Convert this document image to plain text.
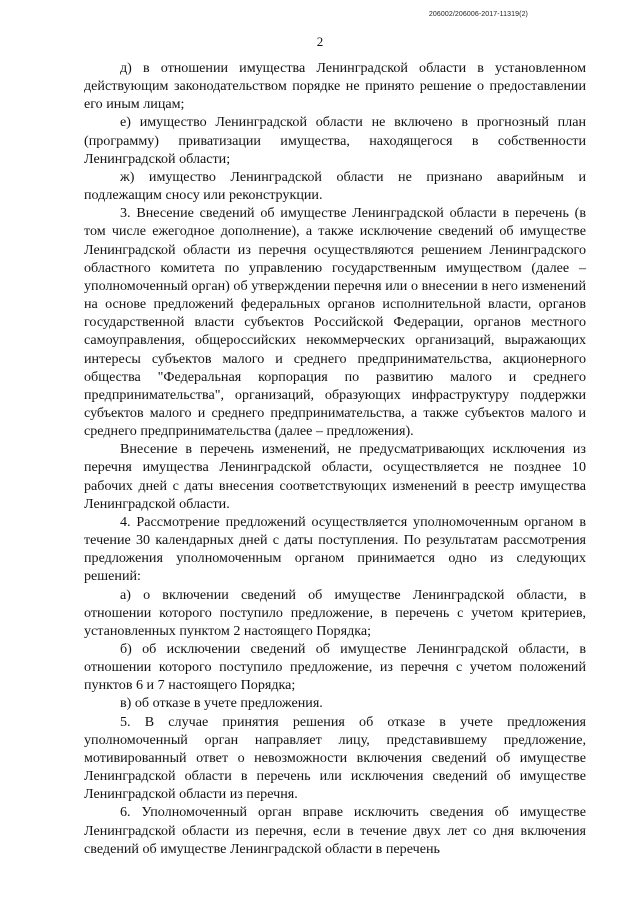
206002/206006-2017-11319(2)
2

д) в отношении имущества Ленинградской области в установленном действующим законодательством порядке не принято решение о предоставлении его иным лицам;

е) имущество Ленинградской области не включено в прогнозный план (программу) приватизации имущества, находящегося в собственности Ленинградской области;

ж) имущество Ленинградской области не признано аварийным и подлежащим сносу или реконструкции.

3. Внесение сведений об имуществе Ленинградской области в перечень (в том числе ежегодное дополнение), а также исключение сведений об имуществе Ленинградской области из перечня осуществляются решением Ленинградского областного комитета по управлению государственным имуществом (далее – уполномоченный орган) об утверждении перечня или о внесении в него изменений на основе предложений федеральных органов исполнительной власти, органов государственной власти субъектов Российской Федерации, органов местного самоуправления, общероссийских некоммерческих организаций, выражающих интересы субъектов малого и среднего предпринимательства, акционерного общества "Федеральная корпорация по развитию малого и среднего предпринимательства", организаций, образующих инфраструктуру поддержки субъектов малого и среднего предпринимательства, а также субъектов малого и среднего предпринимательства (далее – предложения).

Внесение в перечень изменений, не предусматривающих исключения из перечня имущества Ленинградской области, осуществляется не позднее 10 рабочих дней с даты внесения соответствующих изменений в реестр имущества Ленинградской области.

4. Рассмотрение предложений осуществляется уполномоченным органом в течение 30 календарных дней с даты поступления. По результатам рассмотрения предложения уполномоченным органом принимается одно из следующих решений:

а) о включении сведений об имуществе Ленинградской области, в отношении которого поступило предложение, в перечень с учетом критериев, установленных пунктом 2 настоящего Порядка;

б) об исключении сведений об имуществе Ленинградской области, в отношении которого поступило предложение, из перечня с учетом положений пунктов 6 и 7 настоящего Порядка;

в) об отказе в учете предложения.

5. В случае принятия решения об отказе в учете предложения уполномоченный орган направляет лицу, представившему предложение, мотивированный ответ о невозможности включения сведений об имуществе Ленинградской области в перечень или исключения сведений об имуществе Ленинградской области из перечня.

6. Уполномоченный орган вправе исключить сведения об имуществе Ленинградской области из перечня, если в течение двух лет со дня включения сведений об имуществе Ленинградской области в перечень
